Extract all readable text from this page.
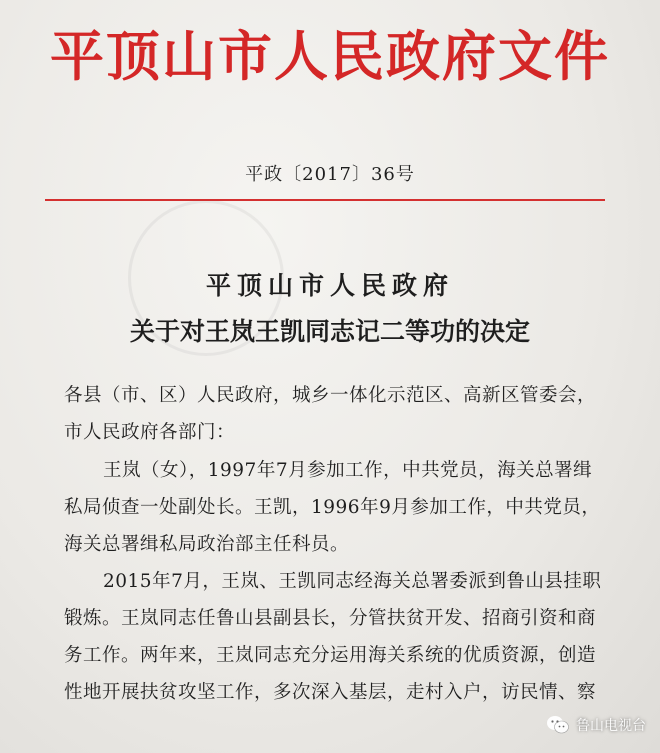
平顶山市人民政府文件
平政〔2017〕36号
平顶山市人民政府
关于对王岚王凯同志记二等功的决定
各县（市、区）人民政府，城乡一体化示范区、高新区管委会，
市人民政府各部门：
王岚（女），1997年7月参加工作，中共党员，海关总署缉
私局侦查一处副处长。王凯，1996年9月参加工作，中共党员，
海关总署缉私局政治部主任科员。
2015年7月，王岚、王凯同志经海关总署委派到鲁山县挂职
锻炼。王岚同志任鲁山县副县长，分管扶贫开发、招商引资和商
务工作。两年来，王岚同志充分运用海关系统的优质资源，创造
性地开展扶贫攻坚工作，多次深入基层，走村入户，访民情、察
鲁山电视台
